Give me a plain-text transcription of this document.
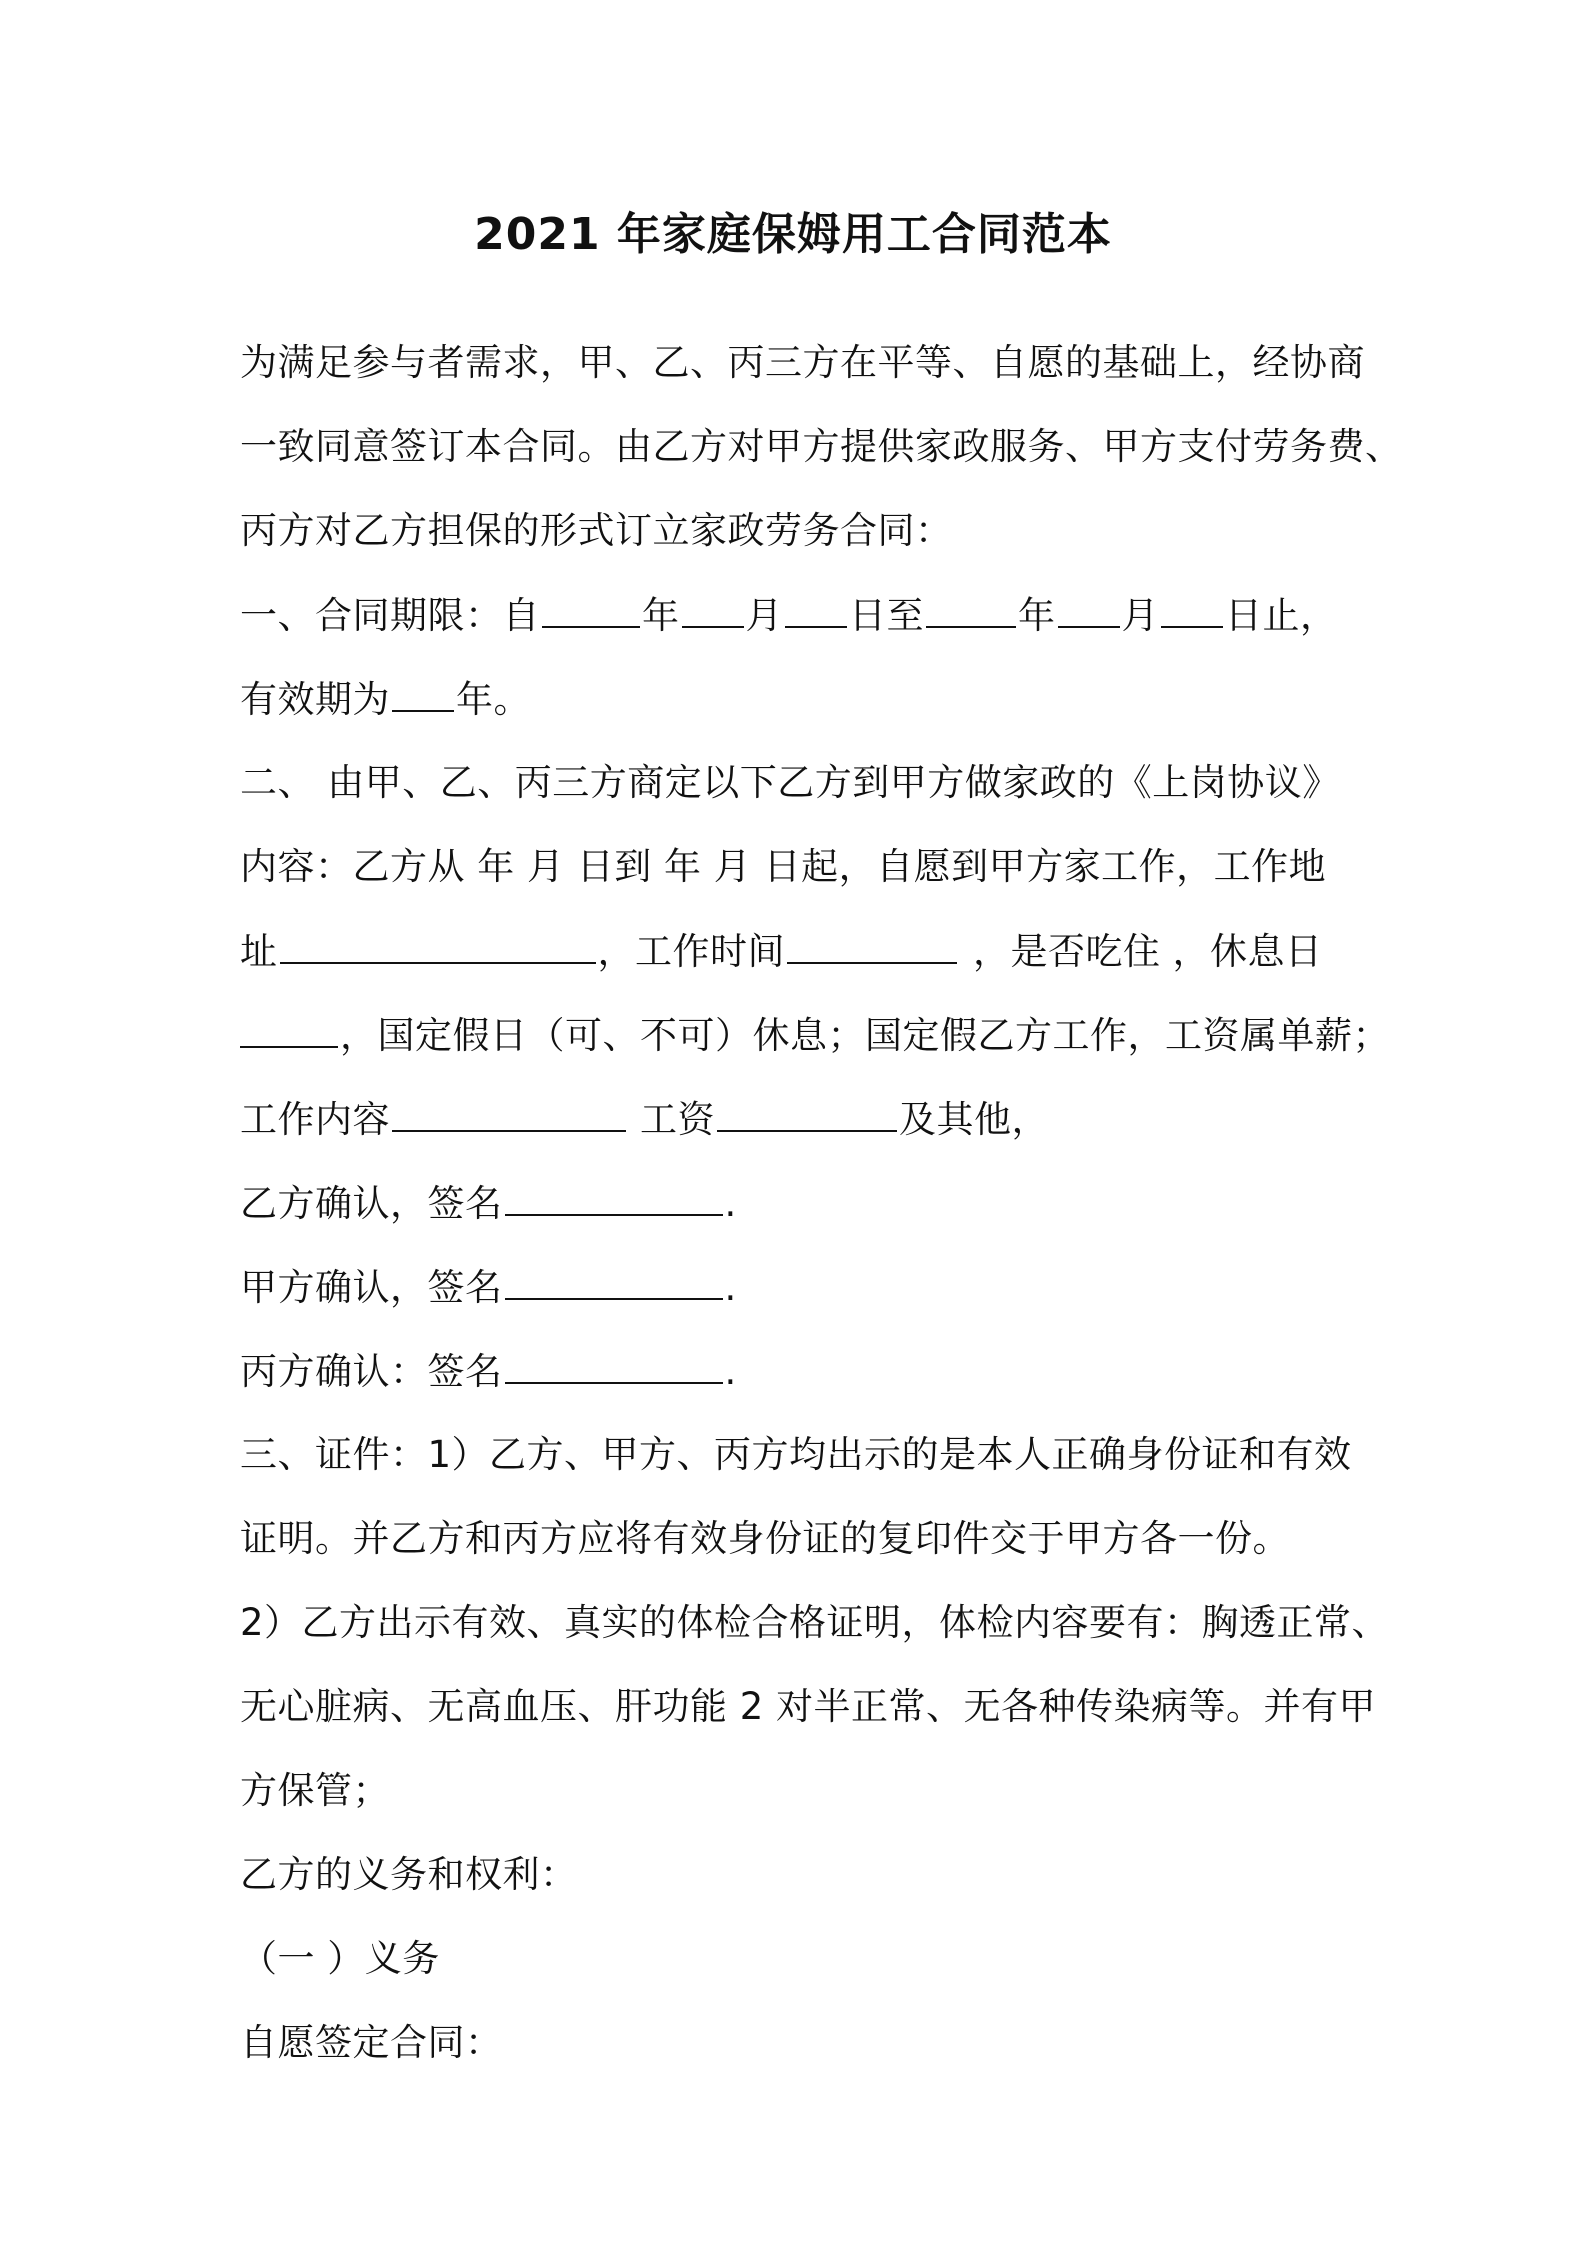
2021 年家庭保姆用工合同范本
为满足参与者需求，甲、乙、丙三方在平等、自愿的基础上，经协商
一致同意签订本合同。由乙方对甲方提供家政服务、甲方支付劳务费、
丙方对乙方担保的形式订立家政劳务合同：
一、合同期限：自	年 月 日至	年 月 日止，
有效期为 年。
二、 由甲、乙、丙三方商定以下乙方到甲方做家政的《上岗协议》
内容：乙方从 年 月 日到 年 月 日起，自愿到甲方家工作，工作地
址	，工作时间	，是否吃住 ，休息日
，国定假日（可、不可）休息；国定假乙方工作，工资属单薪；
工作内容	工资	及其他，
乙方确认，签名	.
甲方确认，签名	.
丙方确认：签名	.
三、证件：1）乙方、甲方、丙方均出示的是本人正确身份证和有效
证明。并乙方和丙方应将有效身份证的复印件交于甲方各一份。
2）乙方出示有效、真实的体检合格证明，体检内容要有：胸透正常、
无心脏病、无高血压、肝功能 2 对半正常、无各种传染病等。并有甲
方保管；
乙方的义务和权利：
（一 ）义务
自愿签定合同：
